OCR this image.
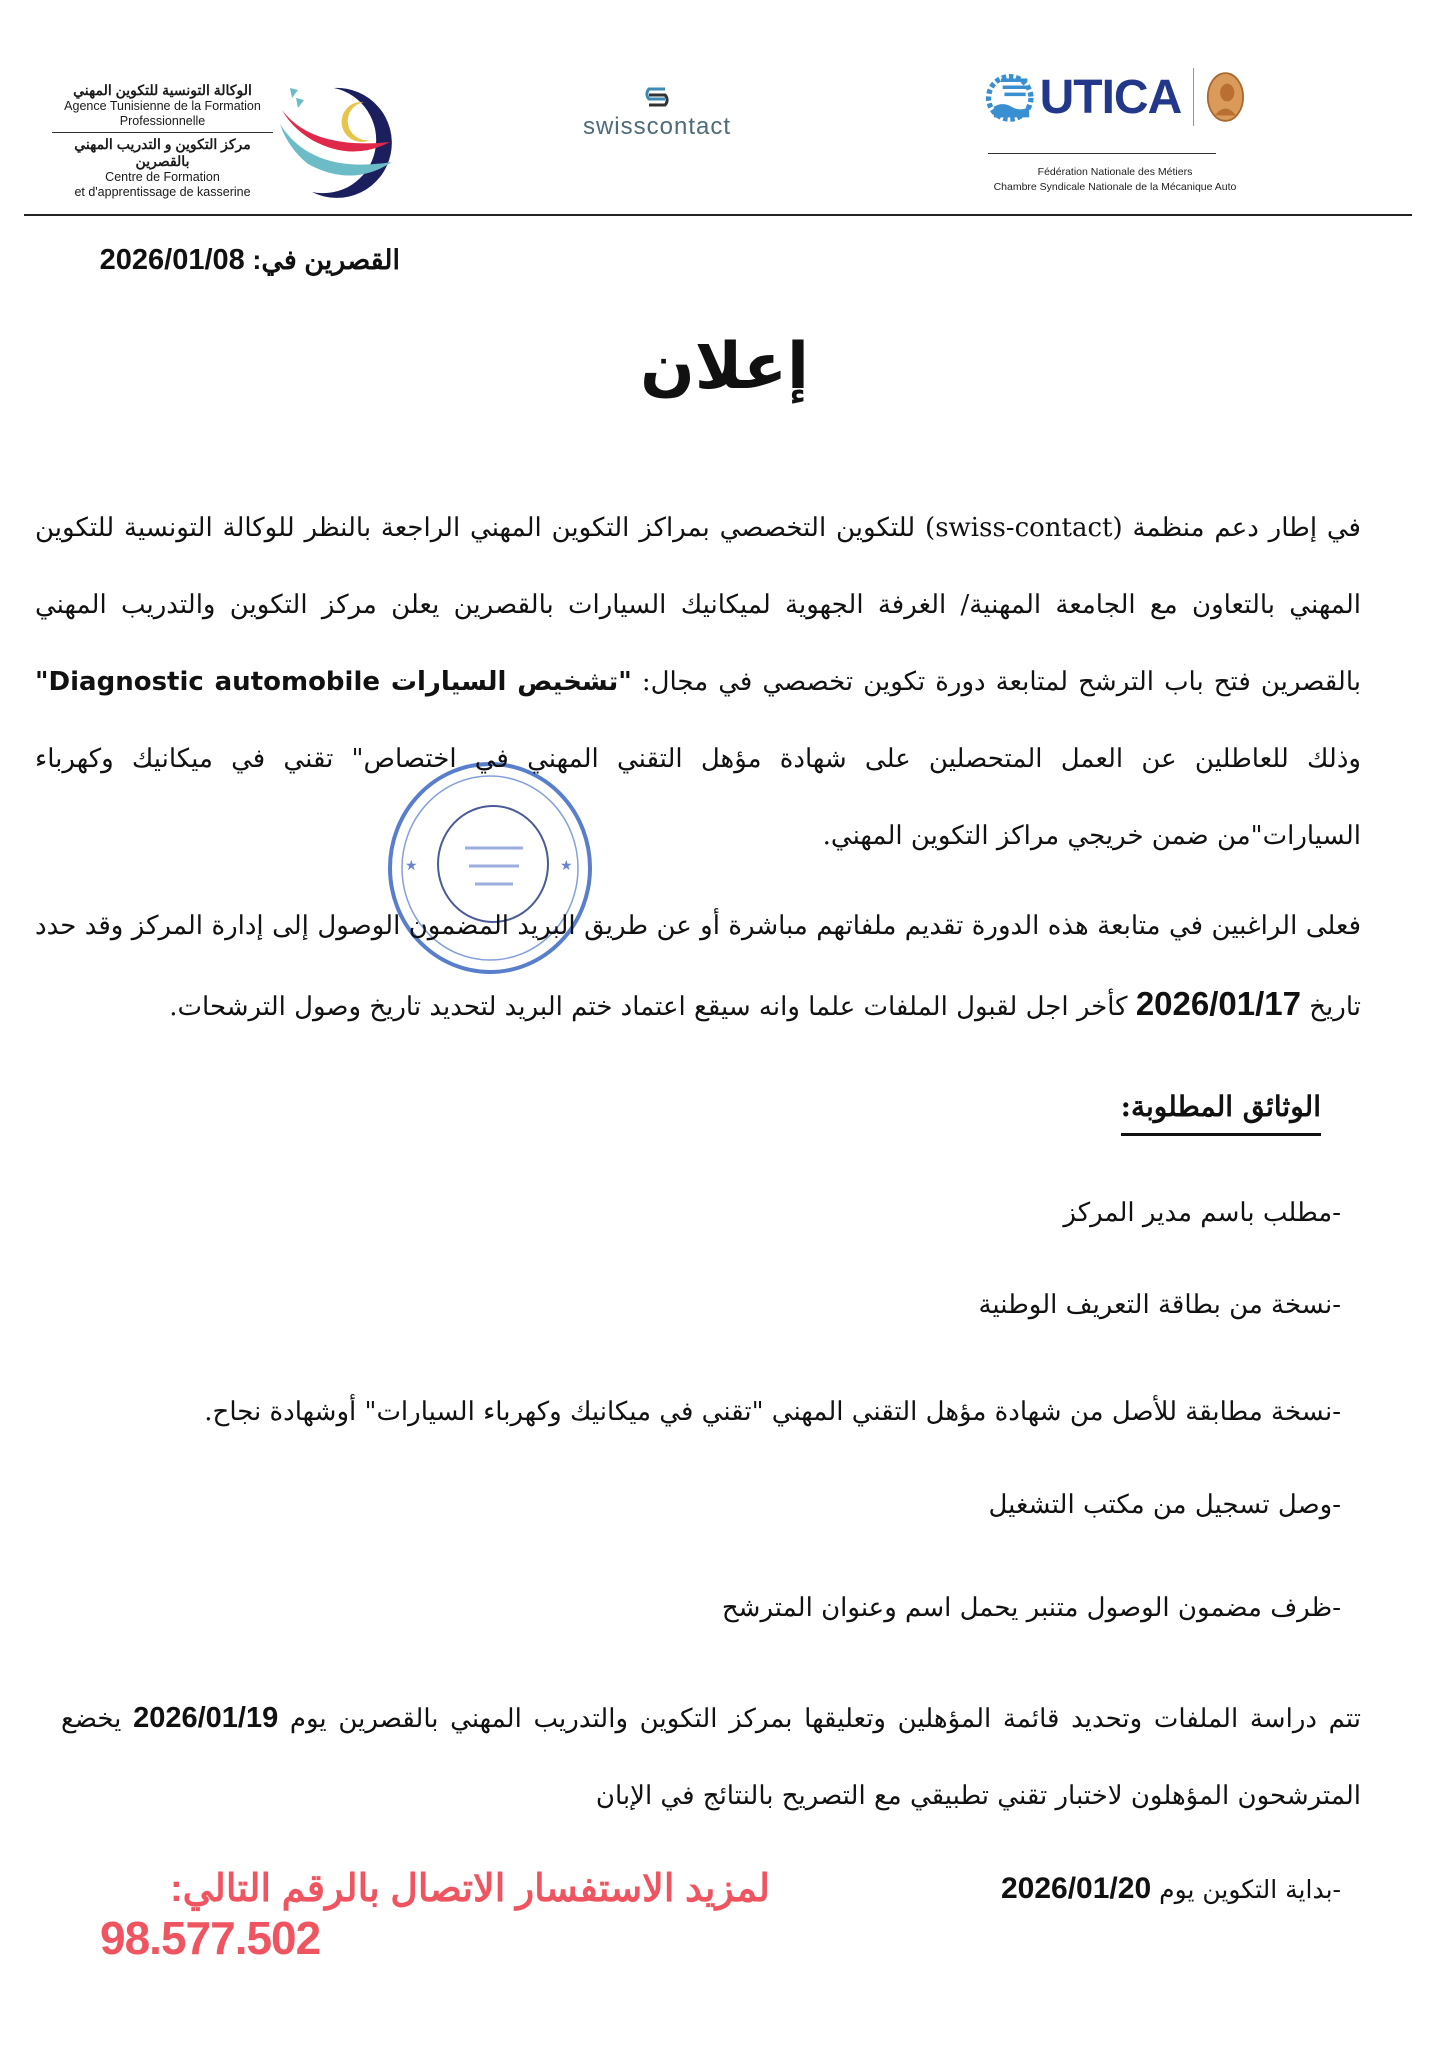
الوكالة التونسية للتكوين المهني
Agence Tunisienne de la Formation
Professionnelle
مركز التكوين و التدريب المهني بالقصرين
Centre de Formation
et d'apprentissage de kasserine
swisscontact
UTICA
Fédération Nationale des Métiers
Chambre Syndicale Nationale de la Mécanique Auto
القصرين في: 2026/01/08
إعلان
★	★
في إطار دعم منظمة (swiss-contact) للتكوين التخصصي بمراكز التكوين المهني الراجعة بالنظر للوكالة التونسية للتكوين المهني بالتعاون مع الجامعة المهنية/ الغرفة الجهوية لميكانيك السيارات بالقصرين يعلن مركز التكوين والتدريب المهني بالقصرين فتح باب الترشح لمتابعة دورة تكوين تخصصي في مجال: "تشخيص السيارات Diagnostic automobile" وذلك للعاطلين عن العمل المتحصلين على شهادة مؤهل التقني المهني في اختصاص" تقني في ميكانيك وكهرباء السيارات"من ضمن خريجي مراكز التكوين المهني.
فعلى الراغبين في متابعة هذه الدورة تقديم ملفاتهم مباشرة أو عن طريق البريد المضمون الوصول إلى إدارة المركز وقد حدد تاريخ 2026/01/17 كأخر اجل لقبول الملفات علما وانه سيقع اعتماد ختم البريد لتحديد تاريخ وصول الترشحات.
الوثائق المطلوبة:
-مطلب باسم مدير المركز
-نسخة من بطاقة التعريف الوطنية
-نسخة مطابقة للأصل من شهادة مؤهل التقني المهني "تقني في ميكانيك وكهرباء السيارات" أوشهادة نجاح.
-وصل تسجيل من مكتب التشغيل
-ظرف مضمون الوصول متنبر يحمل اسم وعنوان المترشح
تتم دراسة الملفات وتحديد قائمة المؤهلين وتعليقها بمركز التكوين والتدريب المهني بالقصرين يوم 2026/01/19 يخضع المترشحون المؤهلون لاختبار تقني تطبيقي مع التصريح بالنتائج في الإبان
-بداية التكوين يوم 2026/01/20
لمزيد الاستفسار الاتصال بالرقم التالي:
98.577.502
